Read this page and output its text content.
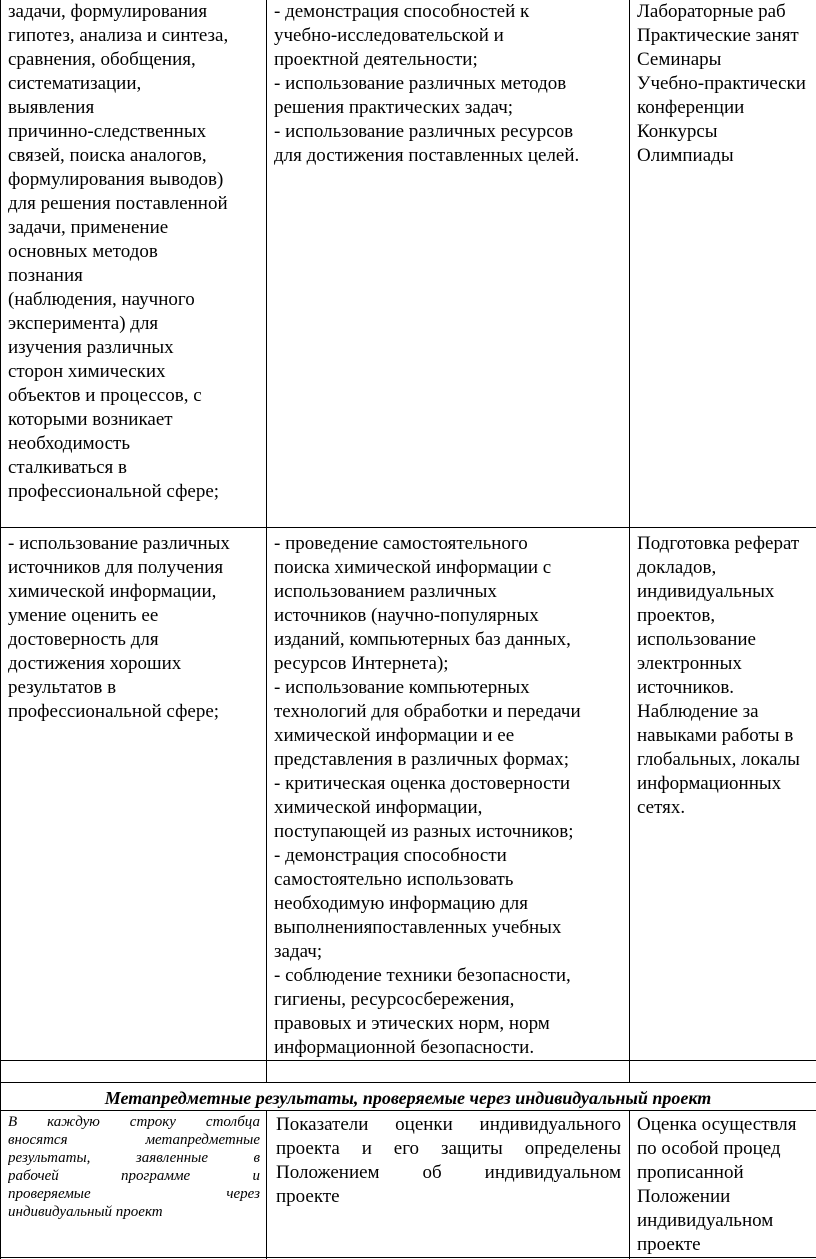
задачи, формулирования
гипотез, анализа и синтеза,
сравнения, обобщения,
систематизации,
выявления
причинно-следственных
связей, поиска аналогов,
формулирования выводов)
для решения поставленной
задачи, применение
основных методов
познания
(наблюдения, научного
эксперимента) для
изучения различных
сторон химических
объектов и процессов, с
которыми возникает
необходимость
сталкиваться в
профессиональной сфере;

- демонстрация способностей к
учебно-исследовательской и
проектной деятельности;
- использование различных методов
решения практических задач;
- использование различных ресурсов
для достижения поставленных целей.

Лабораторные раб
Практические занят
Семинары
Учебно-практически
конференции
Конкурсы
Олимпиады

- использование различных
источников для получения
химической информации,
умение оценить ее
достоверность для
достижения хороших
результатов в
профессиональной сфере;

- проведение самостоятельного
поиска химической информации с
использованием различных
источников (научно-популярных
изданий, компьютерных баз данных,
ресурсов Интернета);
- использование компьютерных
технологий для обработки и передачи
химической информации и ее
представления в различных формах;
- критическая оценка достоверности
химической информации,
поступающей из разных источников;
- демонстрация способности
самостоятельно использовать
необходимую информацию для
выполненияпоставленных учебных
задач;
- соблюдение техники безопасности,
гигиены, ресурсосбережения,
правовых и этических норм, норм
информационной безопасности.

Подготовка реферат
докладов,
индивидуальных
проектов,
использование
электронных
источников.
Наблюдение за
навыками работы в
глобальных, локалы
информационных
сетях.

Метапредметные результаты, проверяемые через индивидуальный проект
В каждую строку столбца
вносятся метапредметные
результаты, заявленные в
рабочей программе и
проверяемые через
индивидуальный проект
Показатели оценки индивидуального
проекта и его защиты определены
Положением об индивидуальном
проекте
Оценка осуществля
по особой процед
прописанной
Положении
индивидуальном
проекте
